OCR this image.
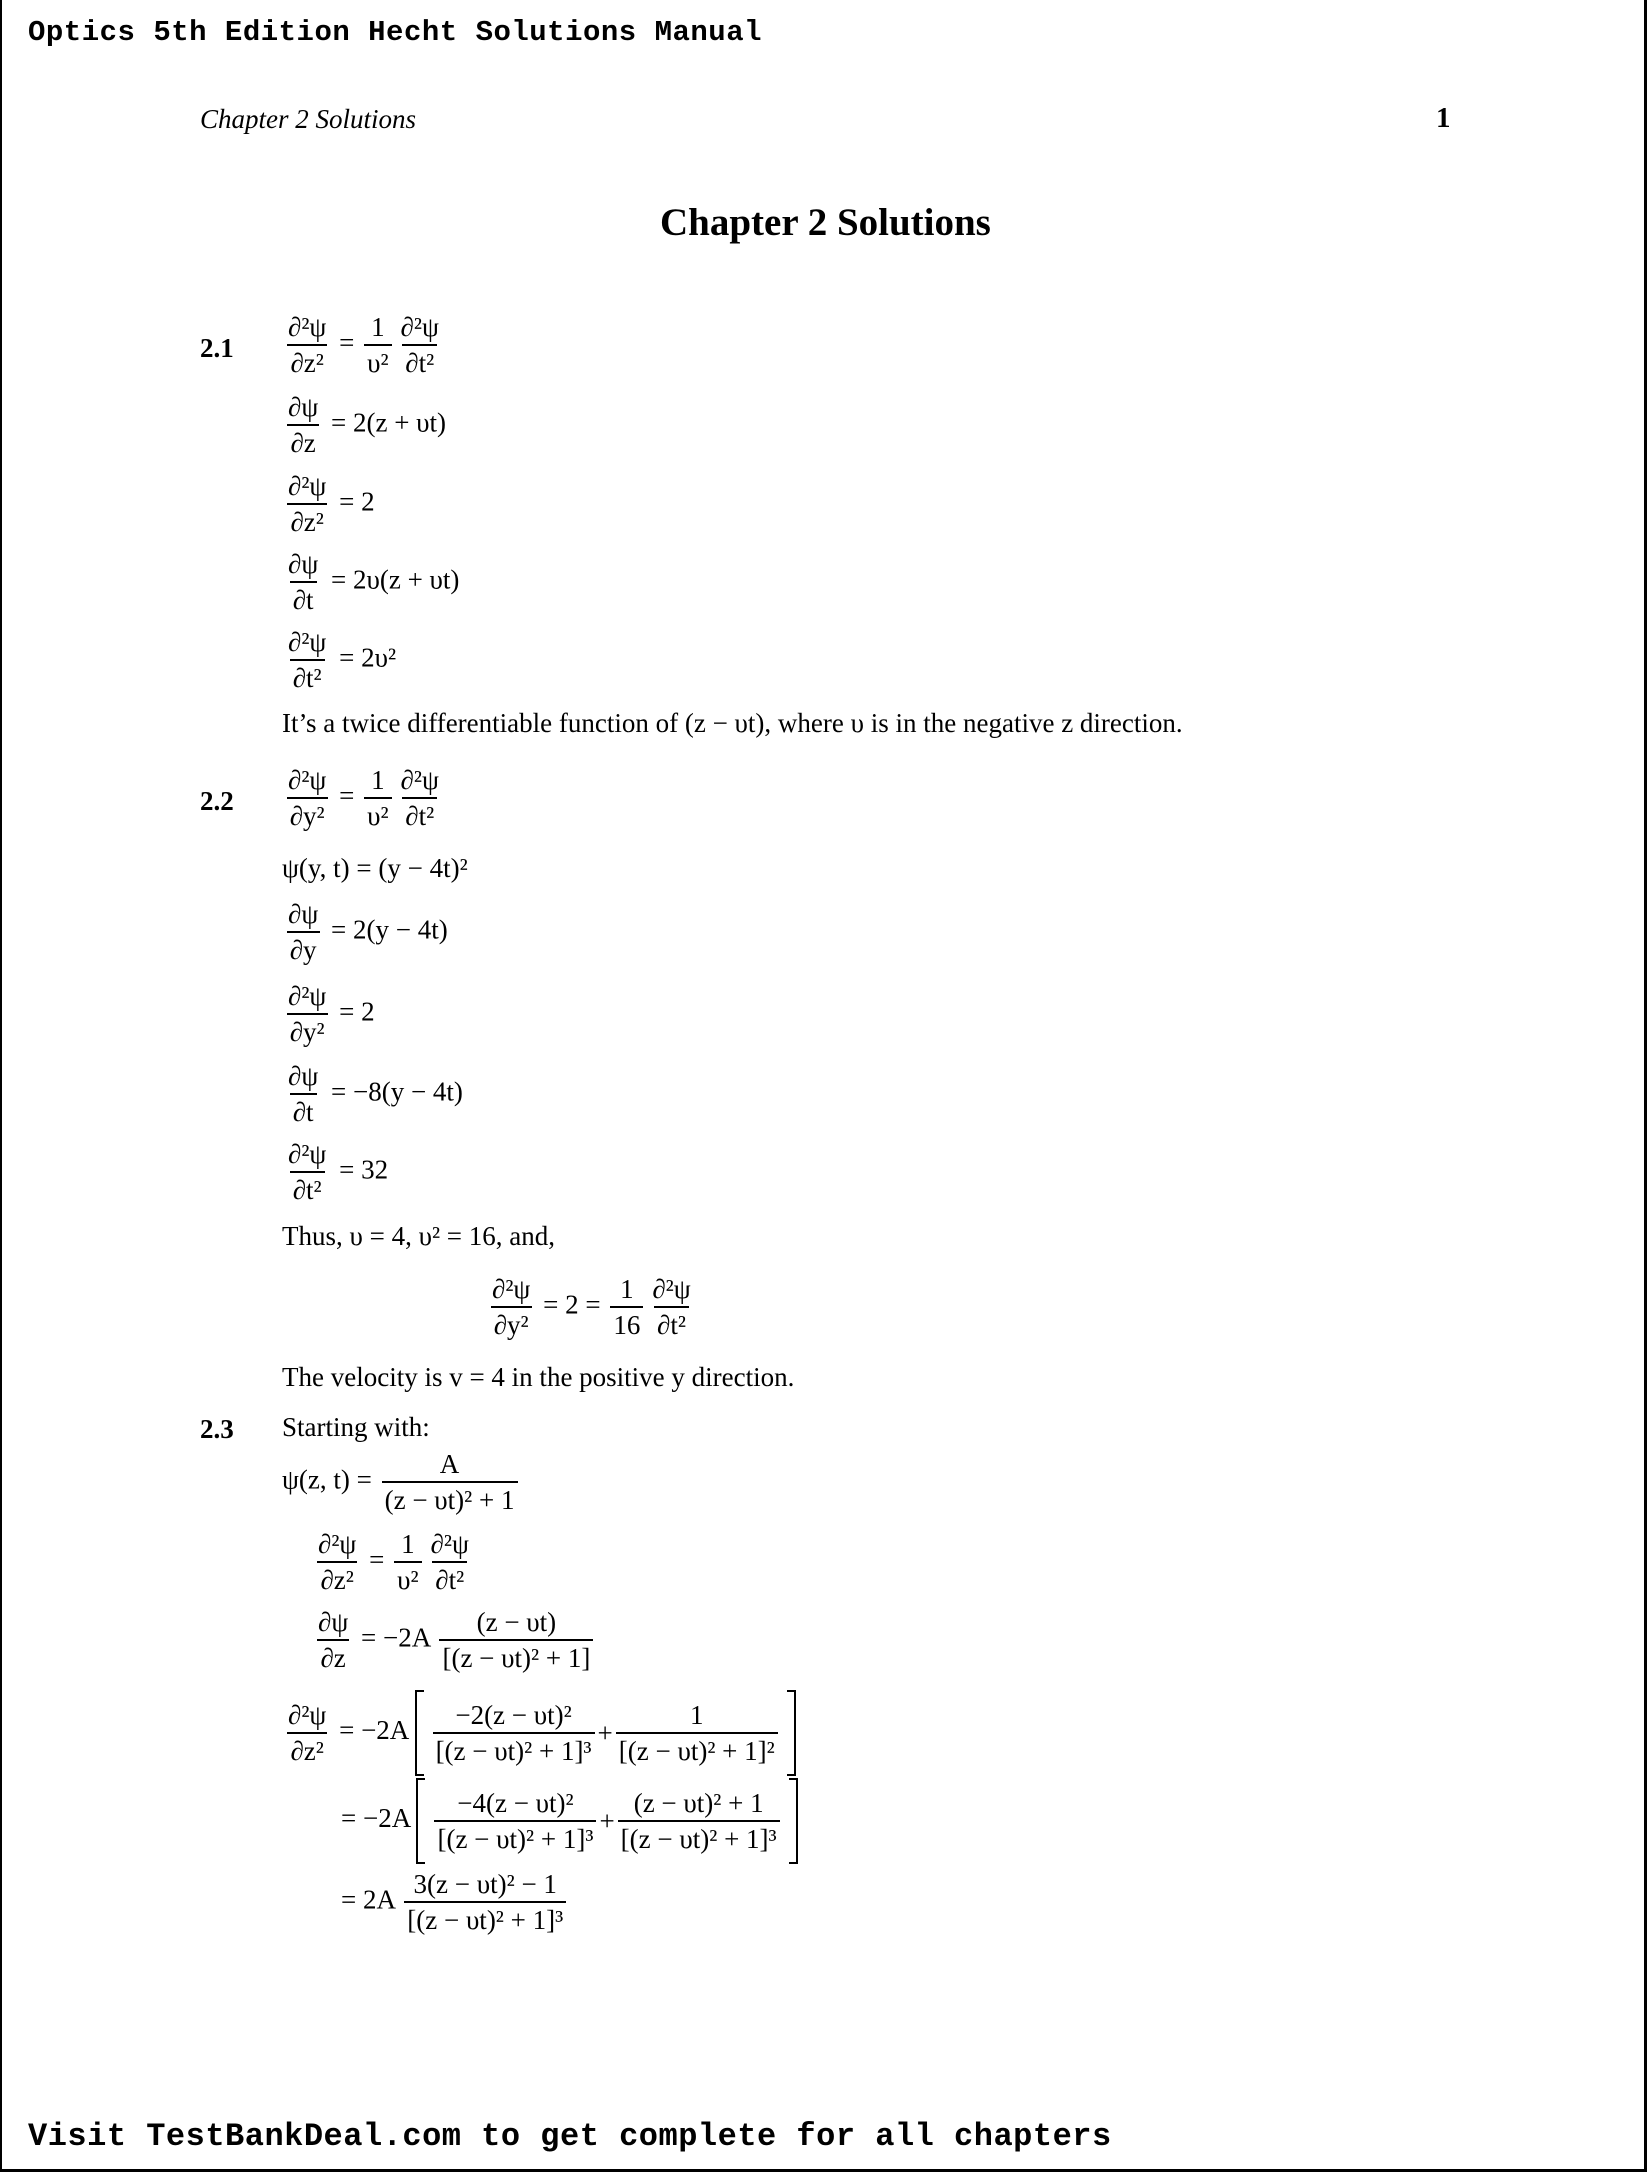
Optics 5th Edition Hecht Solutions Manual
Chapter 2 Solutions	1
Chapter 2 Solutions
$2.1 \frac{\text{∂²ψ}}{\text{∂z²}} = \frac{1}{\text{υ²}} \frac{\text{∂²ψ}}{\text{∂t²}}$
$\frac{\partial\psi}{\partial z} = 2(z + \upsilon t)$
$\frac{\text{∂²ψ}}{\text{∂z²}} = 2$
$\frac{\partial\psi}{\partial t} = 2\upsilon(z + \upsilon t)$
$\frac{\text{∂²ψ}}{\text{∂t²}} = 2\upsilon^2$
It’s a twice differentiable function of (z − υt), where υ is in the negative z direction.
$2.2 \frac{\text{∂²ψ}}{\text{∂y²}} = \frac{1}{\text{υ²}} \frac{\text{∂²ψ}}{\text{∂t²}}$
ψ(y, t) = (y − 4t)²
$\frac{\partial\psi}{\partial y} = 2(y - 4t)$
$\frac{\text{∂²ψ}}{\text{∂y²}} = 2$
$\frac{\partial\psi}{\partial t} = -8(y - 4t)$
$\frac{\text{∂²ψ}}{\text{∂t²}} = 32$
Thus, υ = 4, υ² = 16, and,
$\frac{\text{∂²ψ}}{\text{∂y²}} = 2 = \frac{1}{16} \frac{\text{∂²ψ}}{\text{∂t²}}$
The velocity is v = 4 in the positive y direction.
2.3 Starting with:
ψ(z, $t) = \frac{A}{\text{(z − υt)² + 1}}$
$\frac{\text{∂²ψ}}{\text{∂z²}} = \frac{1}{\text{υ²}} \frac{\text{∂²ψ}}{\text{∂t²}}$
$\frac{\partial\psi}{\partial z} = -2A \frac{(z - \upsilon t)}{\text{[(z − υt)² + 1]}}$
$\frac{\text{∂²ψ}}{\text{∂z²}} = -2A$
−2(z − υt)²
[(z − υt)² + 1]³
+ $\frac{1}{\text{[(z − υt)² + 1]²}}$
= −2A
−4(z − υt)²
[(z − υt)² + 1]³
+ $\frac{\text{(z − υt)² + 1}}{\text{[(z − υt)² + 1]³}}$
= $2A \frac{\text{3(z − υt)² − 1}}{\text{[(z − υt)² + 1]³}}$
Visit TestBankDeal.com to get complete for all chapters
